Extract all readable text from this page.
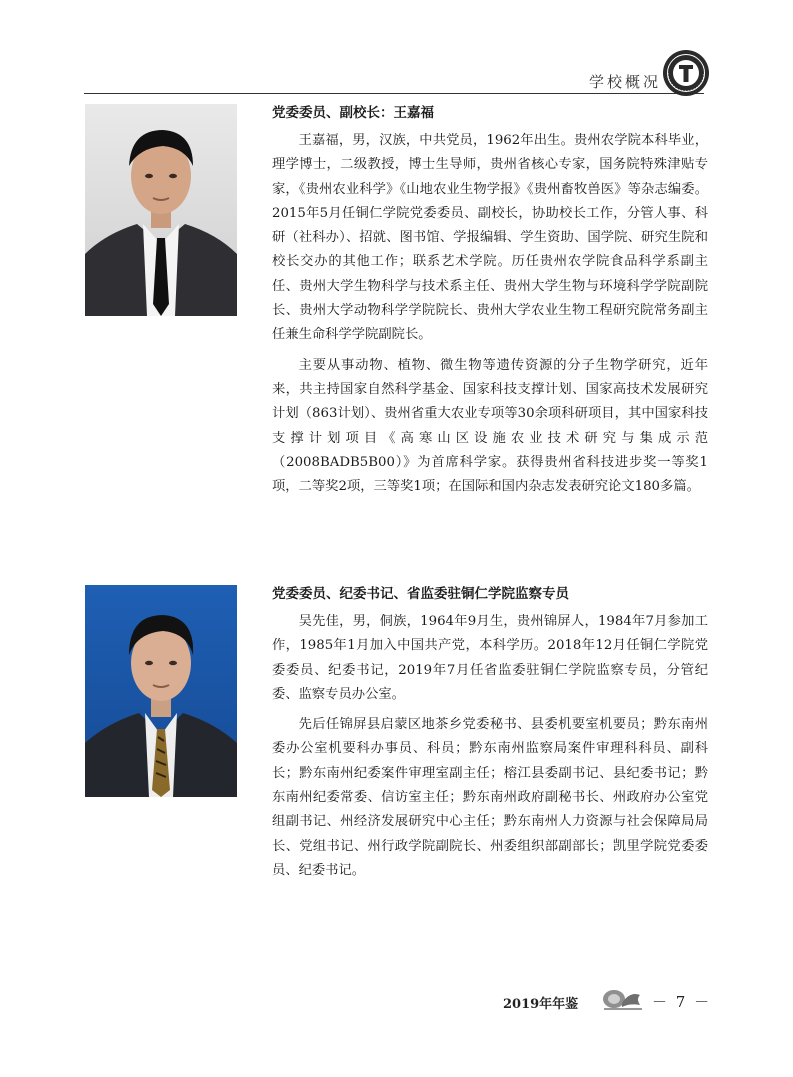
学校概况
党委委员、副校长：王嘉福

王嘉福，男，汉族，中共党员，1962年出生。贵州农学院本科毕业，理学博士，二级教授，博士生导师，贵州省核心专家，国务院特殊津贴专家，《贵州农业科学》《山地农业生物学报》《贵州畜牧兽医》等杂志编委。2015年5月任铜仁学院党委委员、副校长，协助校长工作，分管人事、科研（社科办）、招就、图书馆、学报编辑、学生资助、国学院、研究生院和校长交办的其他工作；联系艺术学院。历任贵州农学院食品科学系副主任、贵州大学生物科学与技术系主任、贵州大学生物与环境科学学院副院长、贵州大学动物科学学院院长、贵州大学农业生物工程研究院常务副主任兼生命科学学院副院长。

主要从事动物、植物、微生物等遗传资源的分子生物学研究，近年来，共主持国家自然科学基金、国家科技支撑计划、国家高技术发展研究计划（863计划）、贵州省重大农业专项等30余项科研项目，其中国家科技支撑计划项目《高寒山区设施农业技术研究与集成示范（2008BADB5B00）》为首席科学家。获得贵州省科技进步奖一等奖1项，二等奖2项，三等奖1项；在国际和国内杂志发表研究论文180多篇。

党委委员、纪委书记、省监委驻铜仁学院监察专员

吴先佳，男，侗族，1964年9月生，贵州锦屏人，1984年7月参加工作，1985年1月加入中国共产党，本科学历。2018年12月任铜仁学院党委委员、纪委书记，2019年7月任省监委驻铜仁学院监察专员，分管纪委、监察专员办公室。

先后任锦屏县启蒙区地茶乡党委秘书、县委机要室机要员；黔东南州委办公室机要科办事员、科员；黔东南州监察局案件审理科科员、副科长；黔东南州纪委案件审理室副主任；榕江县委副书记、县纪委书记；黔东南州纪委常委、信访室主任；黔东南州政府副秘书长、州政府办公室党组副书记、州经济发展研究中心主任；黔东南州人力资源与社会保障局局长、党组书记、州行政学院副院长、州委组织部副部长；凯里学院党委委员、纪委书记。

2019年年鉴	－ 7 －
